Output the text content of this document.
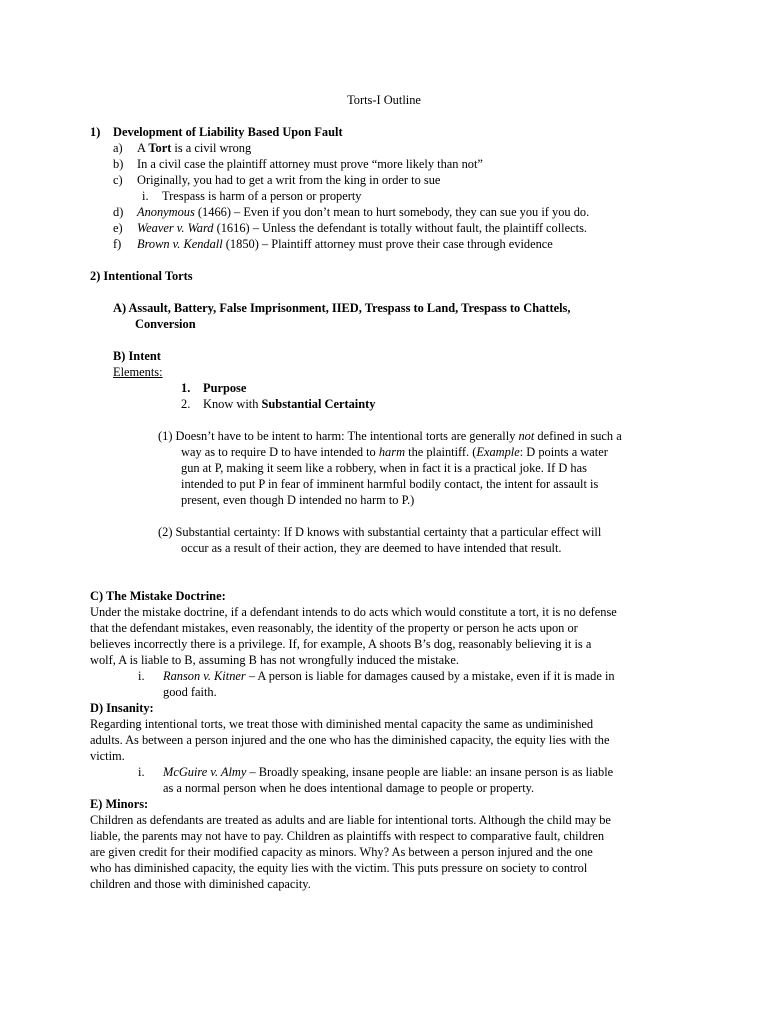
Torts-I Outline
1) Development of Liability Based Upon Fault
a) A Tort is a civil wrong
b) In a civil case the plaintiff attorney must prove “more likely than not”
c) Originally, you had to get a writ from the king in order to sue
i. Trespass is harm of a person or property
d) Anonymous (1466) – Even if you don’t mean to hurt somebody, they can sue you if you do.
e) Weaver v. Ward (1616) – Unless the defendant is totally without fault, the plaintiff collects.
f) Brown v. Kendall (1850) – Plaintiff attorney must prove their case through evidence
2) Intentional Torts
A) Assault, Battery, False Imprisonment, IIED, Trespass to Land, Trespass to Chattels,
Conversion
B) Intent
Elements:
1. Purpose
2. Know with Substantial Certainty
(1) Doesn’t have to be intent to harm: The intentional torts are generally not defined in such a
way as to require D to have intended to harm the plaintiff. (Example: D points a water
gun at P, making it seem like a robbery, when in fact it is a practical joke. If D has
intended to put P in fear of imminent harmful bodily contact, the intent for assault is
present, even though D intended no harm to P.)
(2) Substantial certainty: If D knows with substantial certainty that a particular effect will
occur as a result of their action, they are deemed to have intended that result.
C) The Mistake Doctrine:
Under the mistake doctrine, if a defendant intends to do acts which would constitute a tort, it is no defense
that the defendant mistakes, even reasonably, the identity of the property or person he acts upon or
believes incorrectly there is a privilege. If, for example, A shoots B’s dog, reasonably believing it is a
wolf, A is liable to B, assuming B has not wrongfully induced the mistake.
i. Ranson v. Kitner – A person is liable for damages caused by a mistake, even if it is made in
good faith.
D) Insanity:
Regarding intentional torts, we treat those with diminished mental capacity the same as undiminished
adults. As between a person injured and the one who has the diminished capacity, the equity lies with the
victim.
i. McGuire v. Almy – Broadly speaking, insane people are liable: an insane person is as liable
as a normal person when he does intentional damage to people or property.
E) Minors:
Children as defendants are treated as adults and are liable for intentional torts. Although the child may be
liable, the parents may not have to pay. Children as plaintiffs with respect to comparative fault, children
are given credit for their modified capacity as minors. Why? As between a person injured and the one
who has diminished capacity, the equity lies with the victim. This puts pressure on society to control
children and those with diminished capacity.
